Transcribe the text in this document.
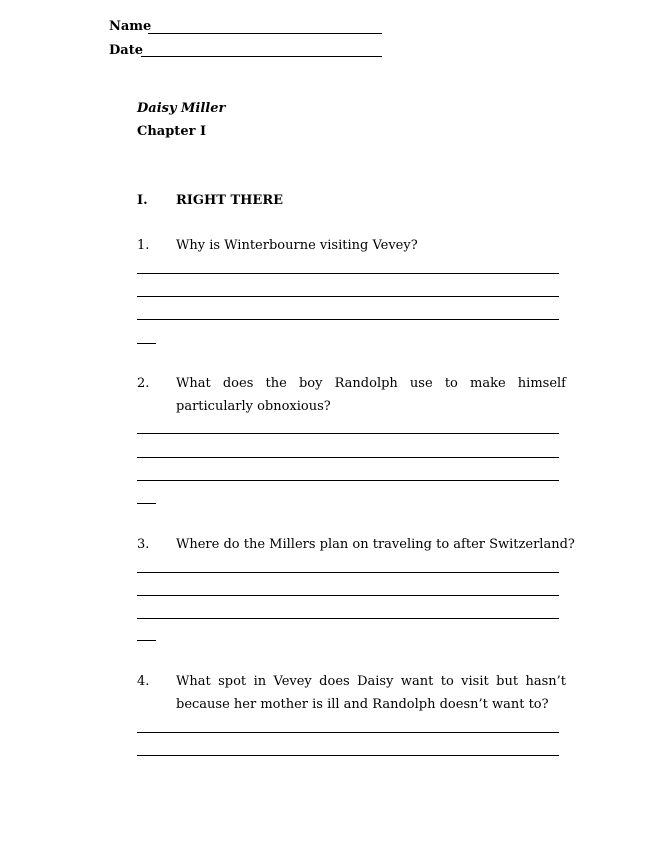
Name
Date
Daisy Miller
Chapter I
I. RIGHT THERE
1. Why is Winterbourne visiting Vevey?
2. What does the boy Randolph use to make himself particularly obnoxious?
3. Where do the Millers plan on traveling to after Switzerland?
4. What spot in Vevey does Daisy want to visit but hasn’t because her mother is ill and Randolph doesn’t want to?
